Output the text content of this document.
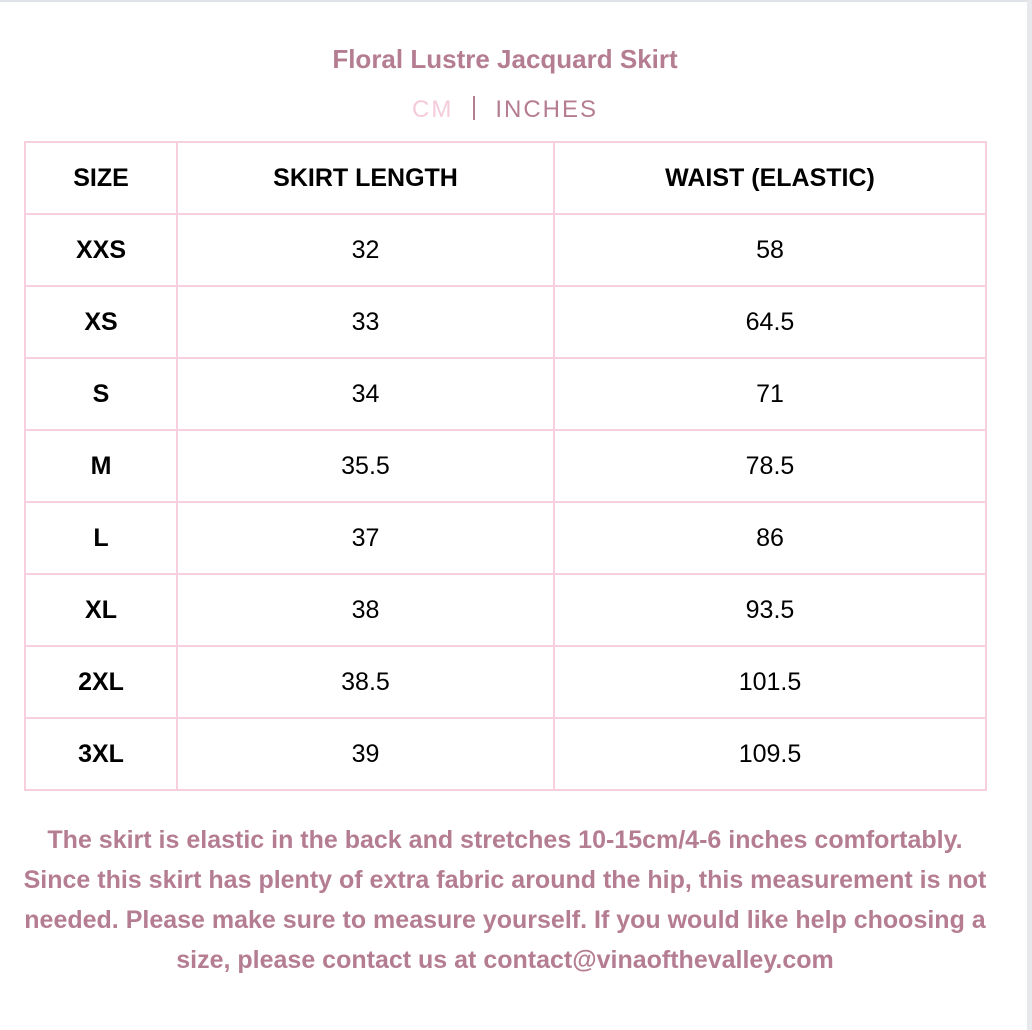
Floral Lustre Jacquard Skirt
CM INCHES
SIZE	SKIRT LENGTH	WAIST (ELASTIC)
XXS	32	58
XS	33	64.5
S	34	71
M	35.5	78.5
L	37	86
XL	38	93.5
2XL	38.5	101.5
3XL	39	109.5
The skirt is elastic in the back and stretches 10-15cm/4-6 inches comfortably. Since this skirt has plenty of extra fabric around the hip, this measurement is not needed. Please make sure to measure yourself. If you would like help choosing a size, please contact us at contact@vinaofthevalley.com
